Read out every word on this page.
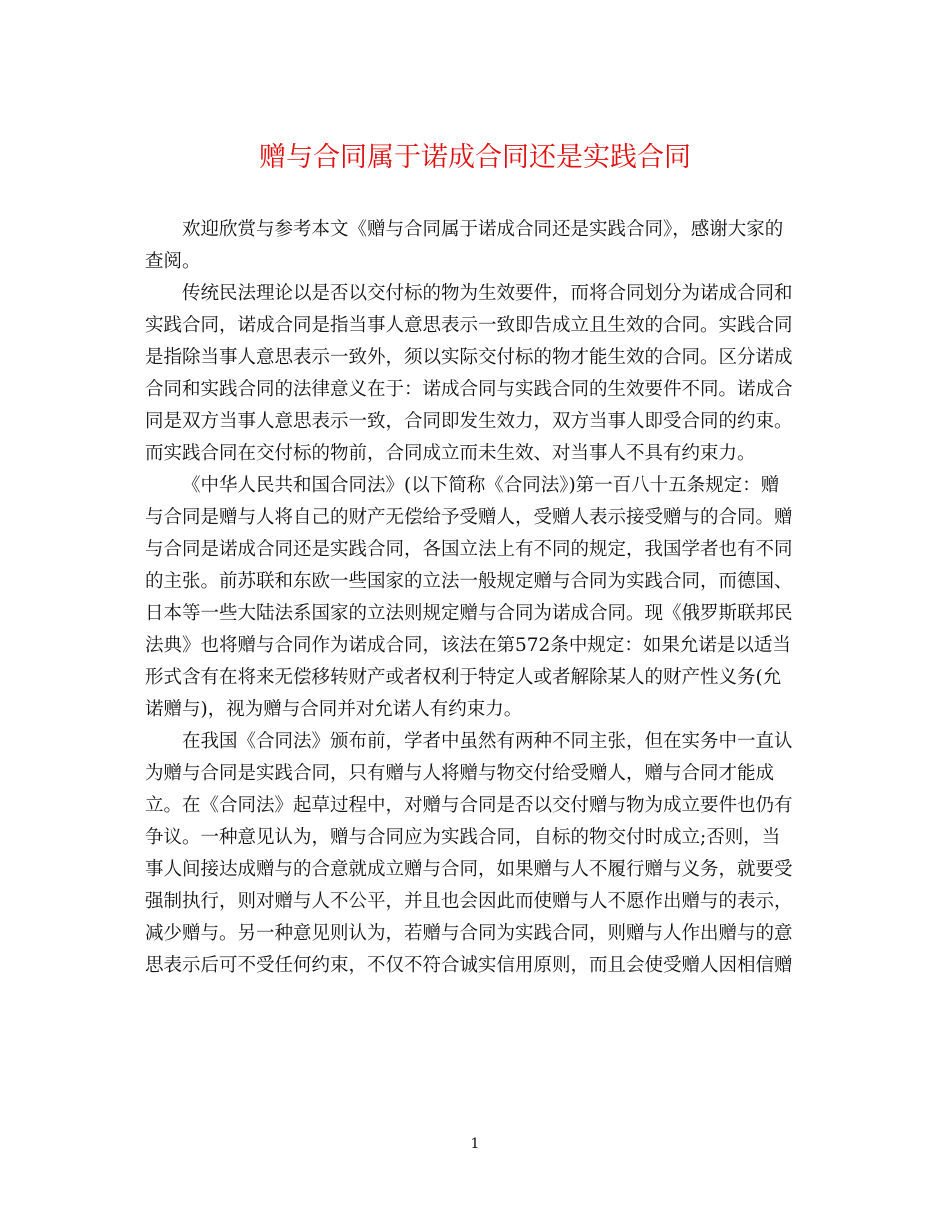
赠与合同属于诺成合同还是实践合同
欢迎欣赏与参考本文《赠与合同属于诺成合同还是实践合同》，感谢大家的
查阅。
传统民法理论以是否以交付标的物为生效要件，而将合同划分为诺成合同和
实践合同，诺成合同是指当事人意思表示一致即告成立且生效的合同。实践合同
是指除当事人意思表示一致外，须以实际交付标的物才能生效的合同。区分诺成
合同和实践合同的法律意义在于：诺成合同与实践合同的生效要件不同。诺成合
同是双方当事人意思表示一致，合同即发生效力，双方当事人即受合同的约束。
而实践合同在交付标的物前，合同成立而未生效、对当事人不具有约束力。
《中华人民共和国合同法》(以下简称《合同法》)第一百八十五条规定：赠
与合同是赠与人将自己的财产无偿给予受赠人，受赠人表示接受赠与的合同。赠
与合同是诺成合同还是实践合同，各国立法上有不同的规定，我国学者也有不同
的主张。前苏联和东欧一些国家的立法一般规定赠与合同为实践合同，而德国、
日本等一些大陆法系国家的立法则规定赠与合同为诺成合同。现《俄罗斯联邦民
法典》也将赠与合同作为诺成合同，该法在第572条中规定：如果允诺是以适当
形式含有在将来无偿移转财产或者权利于特定人或者解除某人的财产性义务(允
诺赠与)，视为赠与合同并对允诺人有约束力。
在我国《合同法》颁布前，学者中虽然有两种不同主张，但在实务中一直认
为赠与合同是实践合同，只有赠与人将赠与物交付给受赠人，赠与合同才能成
立。在《合同法》起草过程中，对赠与合同是否以交付赠与物为成立要件也仍有
争议。一种意见认为，赠与合同应为实践合同，自标的物交付时成立;否则，当
事人间接达成赠与的合意就成立赠与合同，如果赠与人不履行赠与义务，就要受
强制执行，则对赠与人不公平，并且也会因此而使赠与人不愿作出赠与的表示，
减少赠与。另一种意见则认为，若赠与合同为实践合同，则赠与人作出赠与的意
思表示后可不受任何约束，不仅不符合诚实信用原则，而且会使受赠人因相信赠
1
